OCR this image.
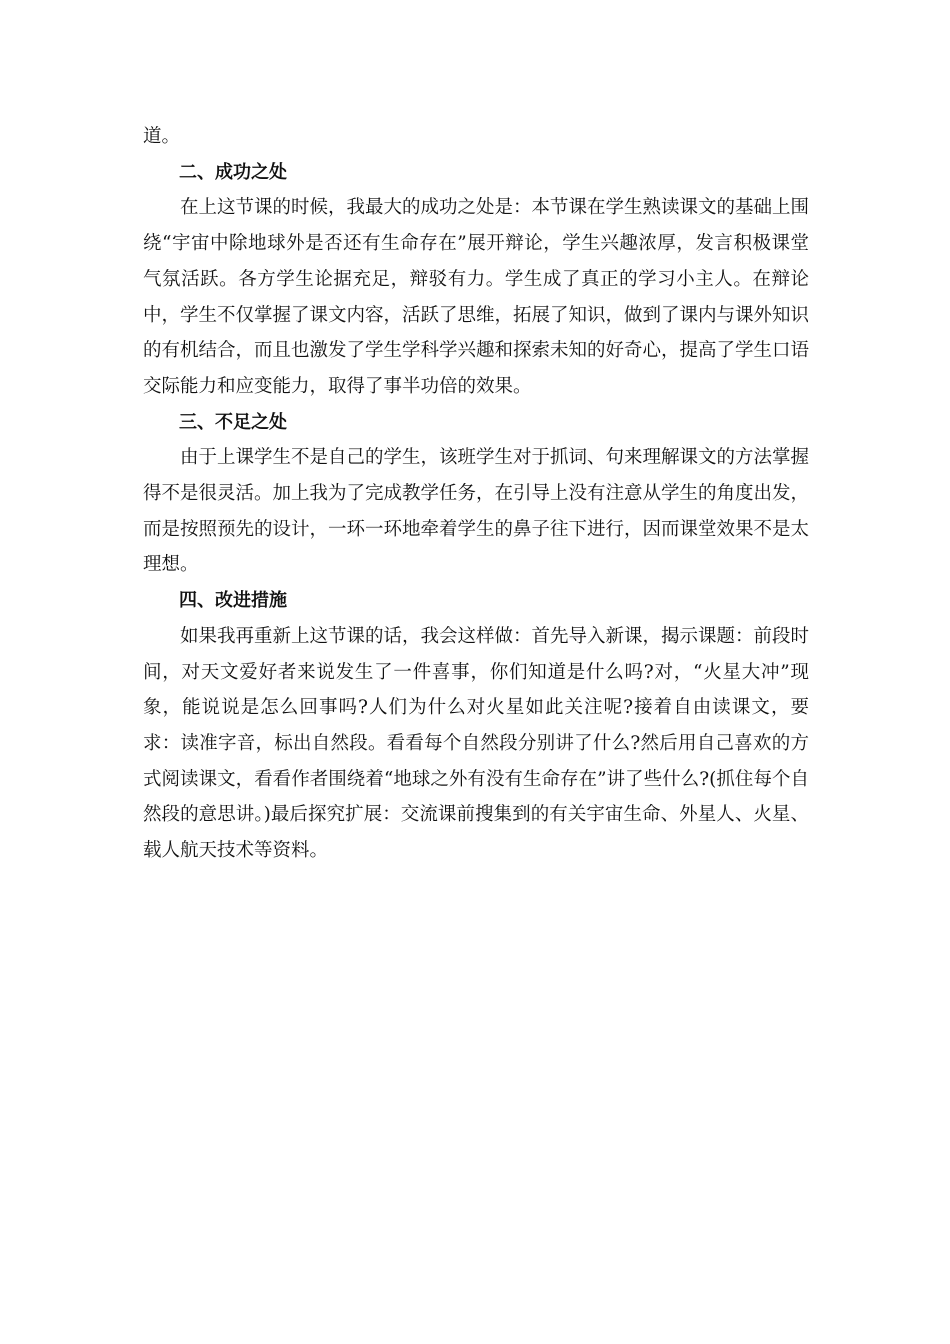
道。

二、成功之处

在上这节课的时候，我最大的成功之处是：本节课在学生熟读课文的基础上围绕“宇宙中除地球外是否还有生命存在”展开辩论，学生兴趣浓厚，发言积极课堂气氛活跃。各方学生论据充足，辩驳有力。学生成了真正的学习小主人。在辩论中，学生不仅掌握了课文内容，活跃了思维，拓展了知识，做到了课内与课外知识的有机结合，而且也激发了学生学科学兴趣和探索未知的好奇心，提高了学生口语交际能力和应变能力，取得了事半功倍的效果。

三、不足之处

由于上课学生不是自己的学生，该班学生对于抓词、句来理解课文的方法掌握得不是很灵活。加上我为了完成教学任务，在引导上没有注意从学生的角度出发，而是按照预先的设计，一环一环地牵着学生的鼻子往下进行，因而课堂效果不是太理想。

四、改进措施

如果我再重新上这节课的话，我会这样做：首先导入新课，揭示课题：前段时间，对天文爱好者来说发生了一件喜事，你们知道是什么吗?对，“火星大冲”现象，能说说是怎么回事吗?人们为什么对火星如此关注呢?接着自由读课文，要求：读准字音，标出自然段。看看每个自然段分别讲了什么?然后用自己喜欢的方式阅读课文，看看作者围绕着“地球之外有没有生命存在”讲了些什么?(抓住每个自然段的意思讲。)最后探究扩展：交流课前搜集到的有关宇宙生命、外星人、火星、载人航天技术等资料。
